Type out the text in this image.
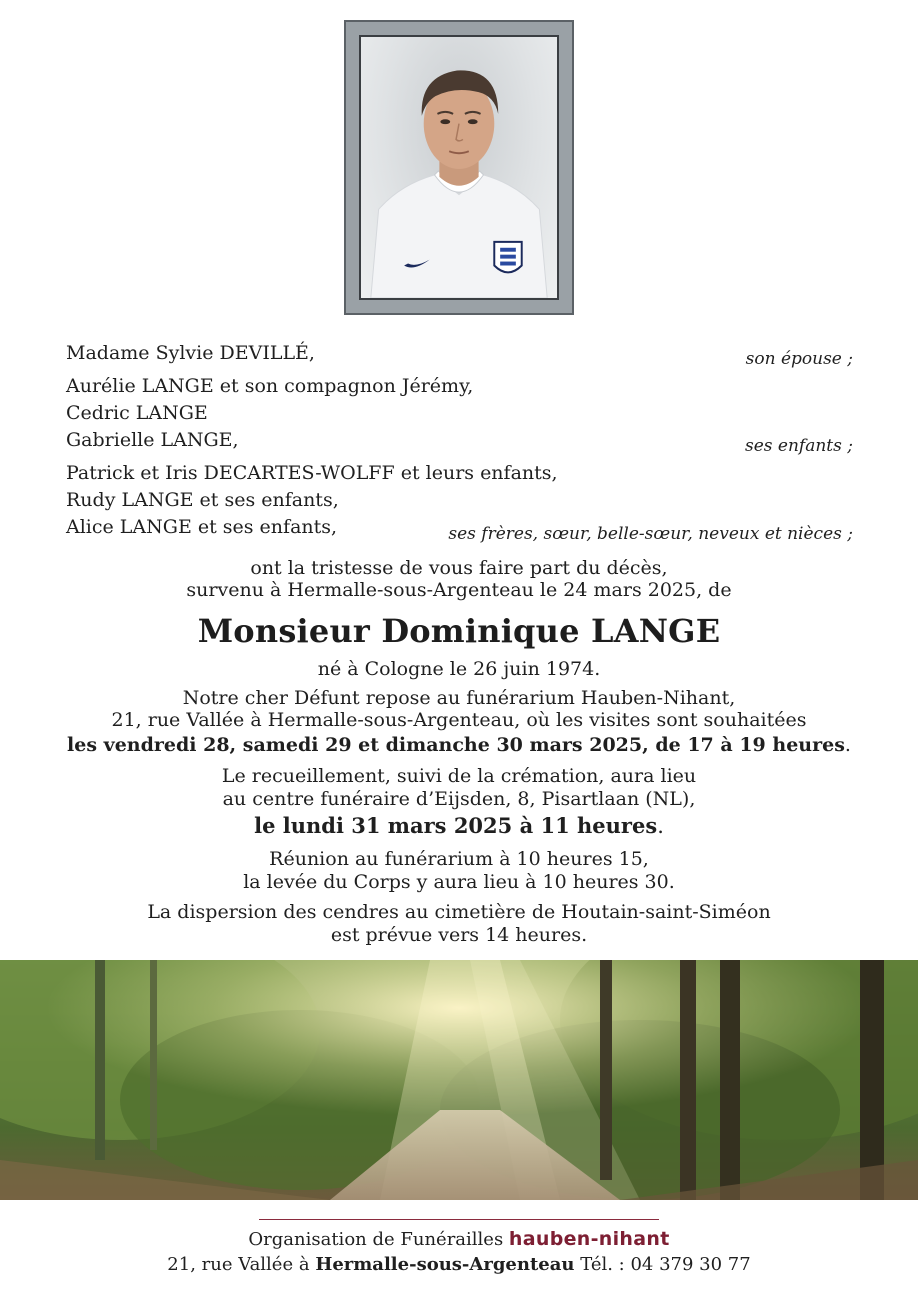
Madame Sylvie DEVILLÉ,
Aurélie LANGE et son compagnon Jérémy,
Cedric LANGE
Gabrielle LANGE,
Patrick et Iris DECARTES-WOLFF et leurs enfants,
Rudy LANGE et ses enfants,
Alice LANGE et ses enfants,
son épouse ;
ses enfants ;
ses frères, sœur, belle-sœur, neveux et nièces ;
ont la tristesse de vous faire part du décès,
survenu à Hermalle-sous-Argenteau le 24 mars 2025, de
Monsieur Dominique LANGE
né à Cologne le 26 juin 1974.
Notre cher Défunt repose au funérarium Hauben-Nihant,
21, rue Vallée à Hermalle-sous-Argenteau, où les visites sont souhaitées
les vendredi 28, samedi 29 et dimanche 30 mars 2025, de 17 à 19 heures.
Le recueillement, suivi de la crémation, aura lieu
au centre funéraire d’Eijsden, 8, Pisartlaan (NL),
le lundi 31 mars 2025 à 11 heures.
Réunion au funérarium à 10 heures 15,
la levée du Corps y aura lieu à 10 heures 30.
La dispersion des cendres au cimetière de Houtain-saint-Siméon
est prévue vers 14 heures.
Organisation de Funérailles hauben-nihant
21, rue Vallée à Hermalle-sous-Argenteau Tél. : 04 379 30 77
